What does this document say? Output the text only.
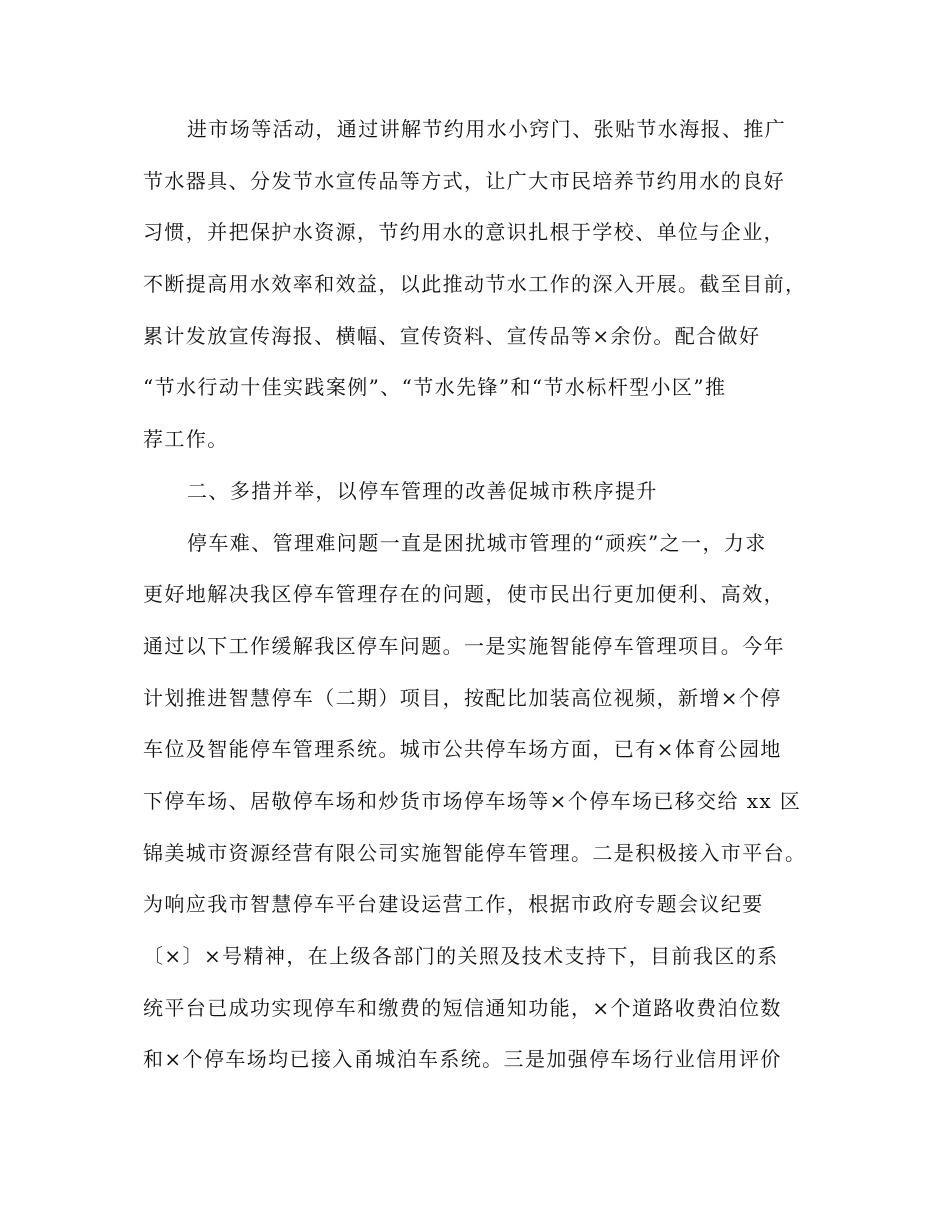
进市场等活动，通过讲解节约用水小窍门、张贴节水海报、推广
节水器具、分发节水宣传品等方式，让广大市民培养节约用水的良好
习惯，并把保护水资源，节约用水的意识扎根于学校、单位与企业，
不断提高用水效率和效益，以此推动节水工作的深入开展。截至目前，
累计发放宣传海报、横幅、宣传资料、宣传品等×余份。配合做好
“节水行动十佳实践案例”、“节水先锋”和“节水标杆型小区”推
荐工作。
二、多措并举，以停车管理的改善促城市秩序提升
停车难、管理难问题一直是困扰城市管理的“顽疾”之一，力求
更好地解决我区停车管理存在的问题，使市民出行更加便利、高效，
通过以下工作缓解我区停车问题。一是实施智能停车管理项目。今年
计划推进智慧停车（二期）项目，按配比加装高位视频，新增×个停
车位及智能停车管理系统。城市公共停车场方面，已有×体育公园地
下停车场、居敬停车场和炒货市场停车场等×个停车场已移交给 xx 区
锦美城市资源经营有限公司实施智能停车管理。二是积极接入市平台。
为响应我市智慧停车平台建设运营工作，根据市政府专题会议纪要
〔×〕×号精神，在上级各部门的关照及技术支持下，目前我区的系
统平台已成功实现停车和缴费的短信通知功能，×个道路收费泊位数
和×个停车场均已接入甬城泊车系统。三是加强停车场行业信用评价
